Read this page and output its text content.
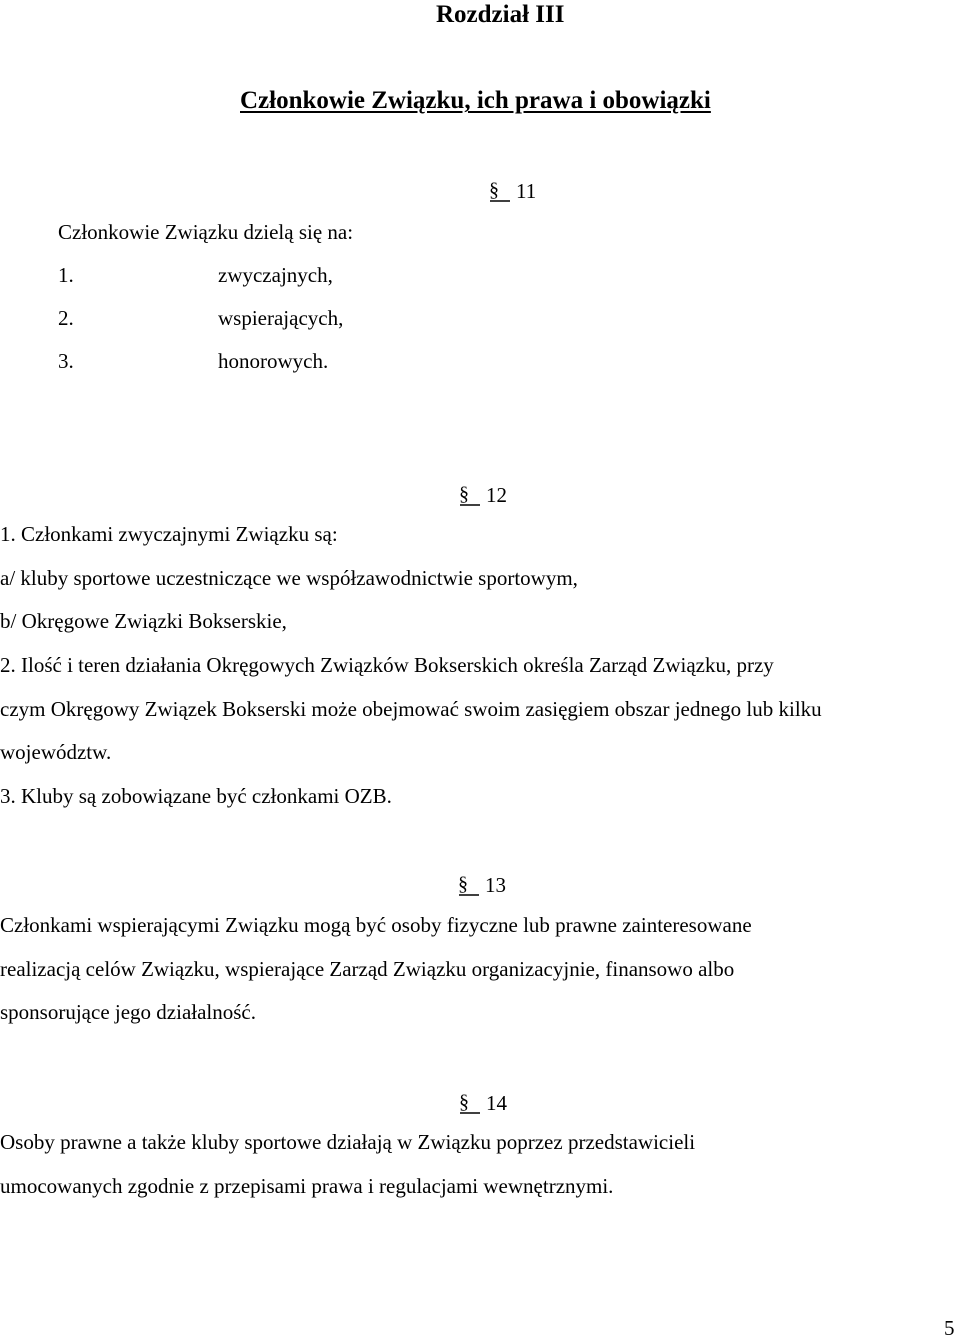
Rozdział III
Członkowie Związku, ich prawa i obowiązki
§ 11
Członkowie Związku dzielą się na:
1.	zwyczajnych,
2.	wspierających,
3.	honorowych.
§ 12
1. Członkami zwyczajnymi Związku są:
a/ kluby sportowe uczestniczące we współzawodnictwie sportowym,
b/ Okręgowe Związki Bokserskie,
2. Ilość i teren działania Okręgowych Związków Bokserskich określa Zarząd Związku, przy
czym Okręgowy Związek Bokserski może obejmować swoim zasięgiem obszar jednego lub kilku
województw.
3. Kluby są zobowiązane być członkami OZB.
§ 13
Członkami wspierającymi Związku mogą być osoby fizyczne lub prawne zainteresowane
realizacją celów Związku, wspierające Zarząd Związku organizacyjnie, finansowo albo
sponsorujące jego działalność.
§ 14
Osoby prawne a także kluby sportowe działają w Związku poprzez przedstawicieli
umocowanych zgodnie z przepisami prawa i regulacjami wewnętrznymi.
5
